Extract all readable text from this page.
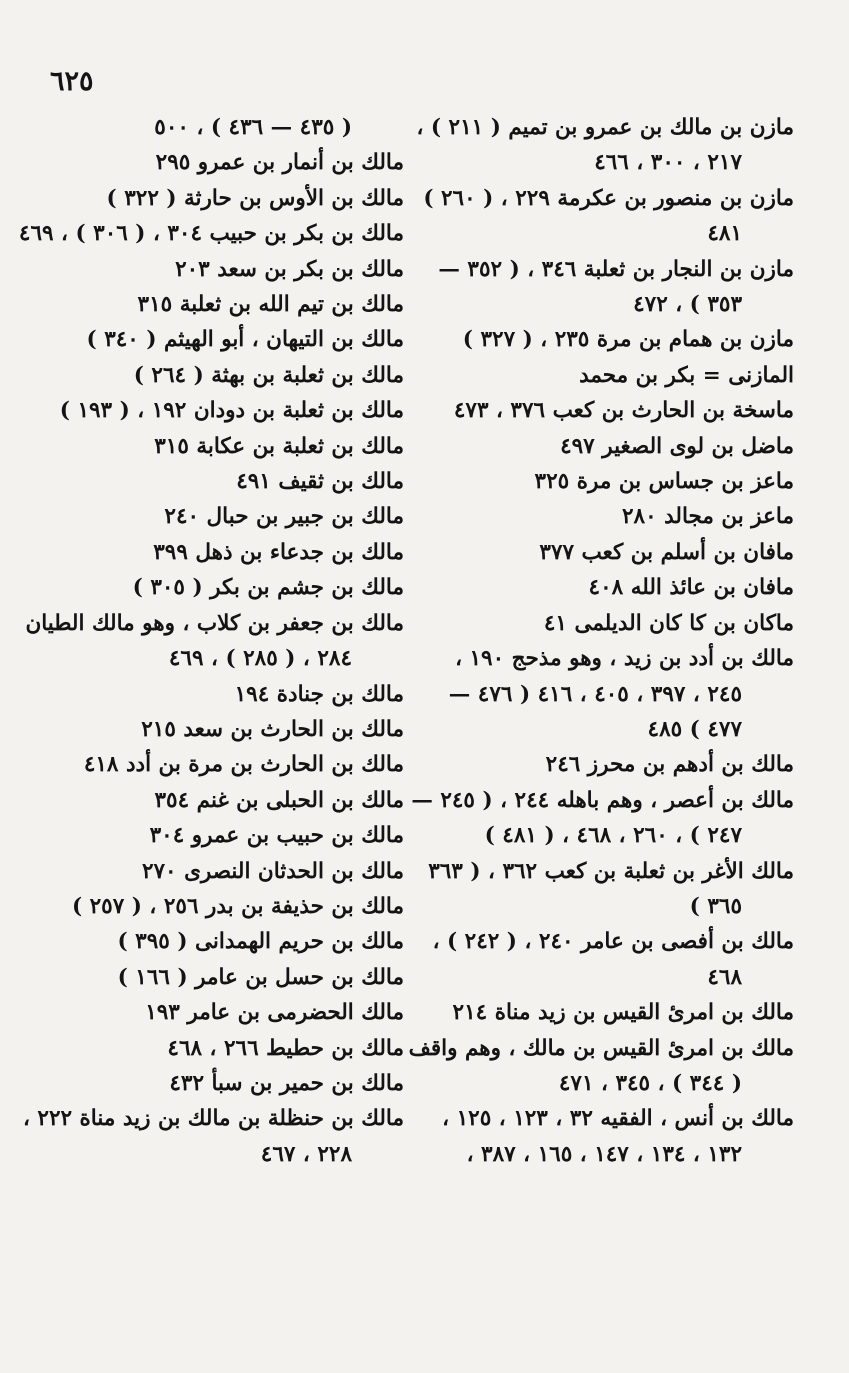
٦٢٥
مازن بن مالك بن عمرو بن تميم ( ٢١١ ) ،
٢١٧ ، ٣٠٠ ، ٤٦٦
مازن بن منصور بن عكرمة ٢٢٩ ، ( ٢٦٠ )
٤٨١
مازن بن النجار بن ثعلبة ٣٤٦ ، ( ٣٥٢ —
٣٥٣ ) ، ٤٧٢
مازن بن همام بن مرة ٢٣٥ ، ( ٣٢٧ )
المازنى = بكر بن محمد
ماسخة بن الحارث بن كعب ٣٧٦ ، ٤٧٣
ماضل بن لوى الصغير ٤٩٧
ماعز بن جساس بن مرة ٣٢٥
ماعز بن مجالد ٢٨٠
مافان بن أسلم بن كعب ٣٧٧
مافان بن عائذ الله ٤٠٨
ماكان بن كا كان الديلمى ٤١
مالك بن أدد بن زيد ، وهو مذحج ١٩٠ ،
٢٤٥ ، ٣٩٧ ، ٤٠٥ ، ٤١٦ ( ٤٧٦ —
٤٧٧ ) ٤٨٥
مالك بن أدهم بن محرز ٢٤٦
مالك بن أعصر ، وهم باهله ٢٤٤ ، ( ٢٤٥ —
٢٤٧ ) ، ٢٦٠ ، ٤٦٨ ، ( ٤٨١ )
مالك الأغر بن ثعلبة بن كعب ٣٦٢ ، ( ٣٦٣
٣٦٥ )
مالك بن أفصى بن عامر ٢٤٠ ، ( ٢٤٢ ) ،
٤٦٨
مالك بن امرئ القيس بن زيد مناة ٢١٤
مالك بن امرئ القيس بن مالك ، وهم واقف
( ٣٤٤ ) ، ٣٤٥ ، ٤٧١
مالك بن أنس ، الفقيه ٣٢ ، ١٢٣ ، ١٢٥ ،
١٣٢ ، ١٣٤ ، ١٤٧ ، ١٦٥ ، ٣٨٧ ،
( ٤٣٥ — ٤٣٦ ) ، ٥٠٠
مالك بن أنمار بن عمرو ٢٩٥
مالك بن الأوس بن حارثة ( ٣٢٢ )
مالك بن بكر بن حبيب ٣٠٤ ، ( ٣٠٦ ) ، ٤٦٩
مالك بن بكر بن سعد ٢٠٣
مالك بن تيم الله بن ثعلبة ٣١٥
مالك بن التيهان ، أبو الهيثم ( ٣٤٠ )
مالك بن ثعلبة بن بهثة ( ٢٦٤ )
مالك بن ثعلبة بن دودان ١٩٢ ، ( ١٩٣ )
مالك بن ثعلبة بن عكابة ٣١٥
مالك بن ثقيف ٤٩١
مالك بن جبير بن حبال ٢٤٠
مالك بن جدعاء بن ذهل ٣٩٩
مالك بن جشم بن بكر ( ٣٠٥ )
مالك بن جعفر بن كلاب ، وهو مالك الطيان
٢٨٤ ، ( ٢٨٥ ) ، ٤٦٩
مالك بن جنادة ١٩٤
مالك بن الحارث بن سعد ٢١٥
مالك بن الحارث بن مرة بن أدد ٤١٨
مالك بن الحبلى بن غنم ٣٥٤
مالك بن حبيب بن عمرو ٣٠٤
مالك بن الحدثان النصرى ٢٧٠
مالك بن حذيفة بن بدر ٢٥٦ ، ( ٢٥٧ )
مالك بن حريم الهمدانى ( ٣٩٥ )
مالك بن حسل بن عامر ( ١٦٦ )
مالك الحضرمى بن عامر ١٩٣
مالك بن حطيط ٢٦٦ ، ٤٦٨
مالك بن حمير بن سبأ ٤٣٢
مالك بن حنظلة بن مالك بن زيد مناة ٢٢٢ ،
٢٢٨ ، ٤٦٧
